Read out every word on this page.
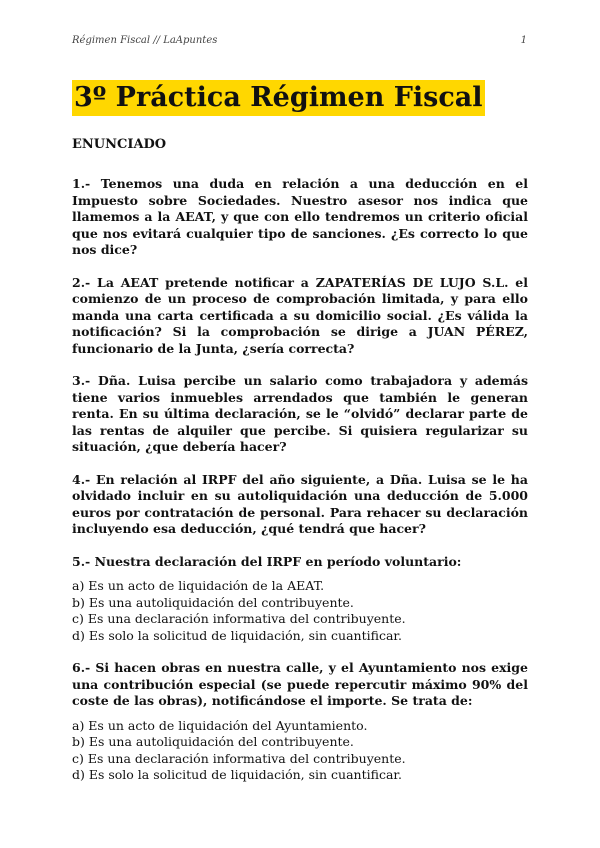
Régimen Fiscal // LaApuntes	1
3º Práctica Régimen Fiscal
ENUNCIADO

1.- Tenemos una duda en relación a una deducción en el Impuesto sobre Sociedades. Nuestro asesor nos indica que llamemos a la AEAT, y que con ello tendremos un criterio oficial que nos evitará cualquier tipo de sanciones. ¿Es correcto lo que nos dice?

2.- La AEAT pretende notificar a ZAPATERÍAS DE LUJO S.L. el comienzo de un proceso de comprobación limitada, y para ello manda una carta certificada a su domicilio social. ¿Es válida la notificación? Si la comprobación se dirige a JUAN PÉREZ, funcionario de la Junta, ¿sería correcta?

3.- Dña. Luisa percibe un salario como trabajadora y además tiene varios inmuebles arrendados que también le generan renta. En su última declaración, se le “olvidó” declarar parte de las rentas de alquiler que percibe. Si quisiera regularizar su situación, ¿que debería hacer?

4.- En relación al IRPF del año siguiente, a Dña. Luisa se le ha olvidado incluir en su autoliquidación una deducción de 5.000 euros por contratación de personal. Para rehacer su declaración incluyendo esa deducción, ¿qué tendrá que hacer?

5.- Nuestra declaración del IRPF en período voluntario:

a) Es un acto de liquidación de la AEAT.
b) Es una autoliquidación del contribuyente.
c) Es una declaración informativa del contribuyente.
d) Es solo la solicitud de liquidación, sin cuantificar.

6.- Si hacen obras en nuestra calle, y el Ayuntamiento nos exige una contribución especial (se puede repercutir máximo 90% del coste de las obras), notificándose el importe. Se trata de:

a) Es un acto de liquidación del Ayuntamiento.
b) Es una autoliquidación del contribuyente.
c) Es una declaración informativa del contribuyente.
d) Es solo la solicitud de liquidación, sin cuantificar.
